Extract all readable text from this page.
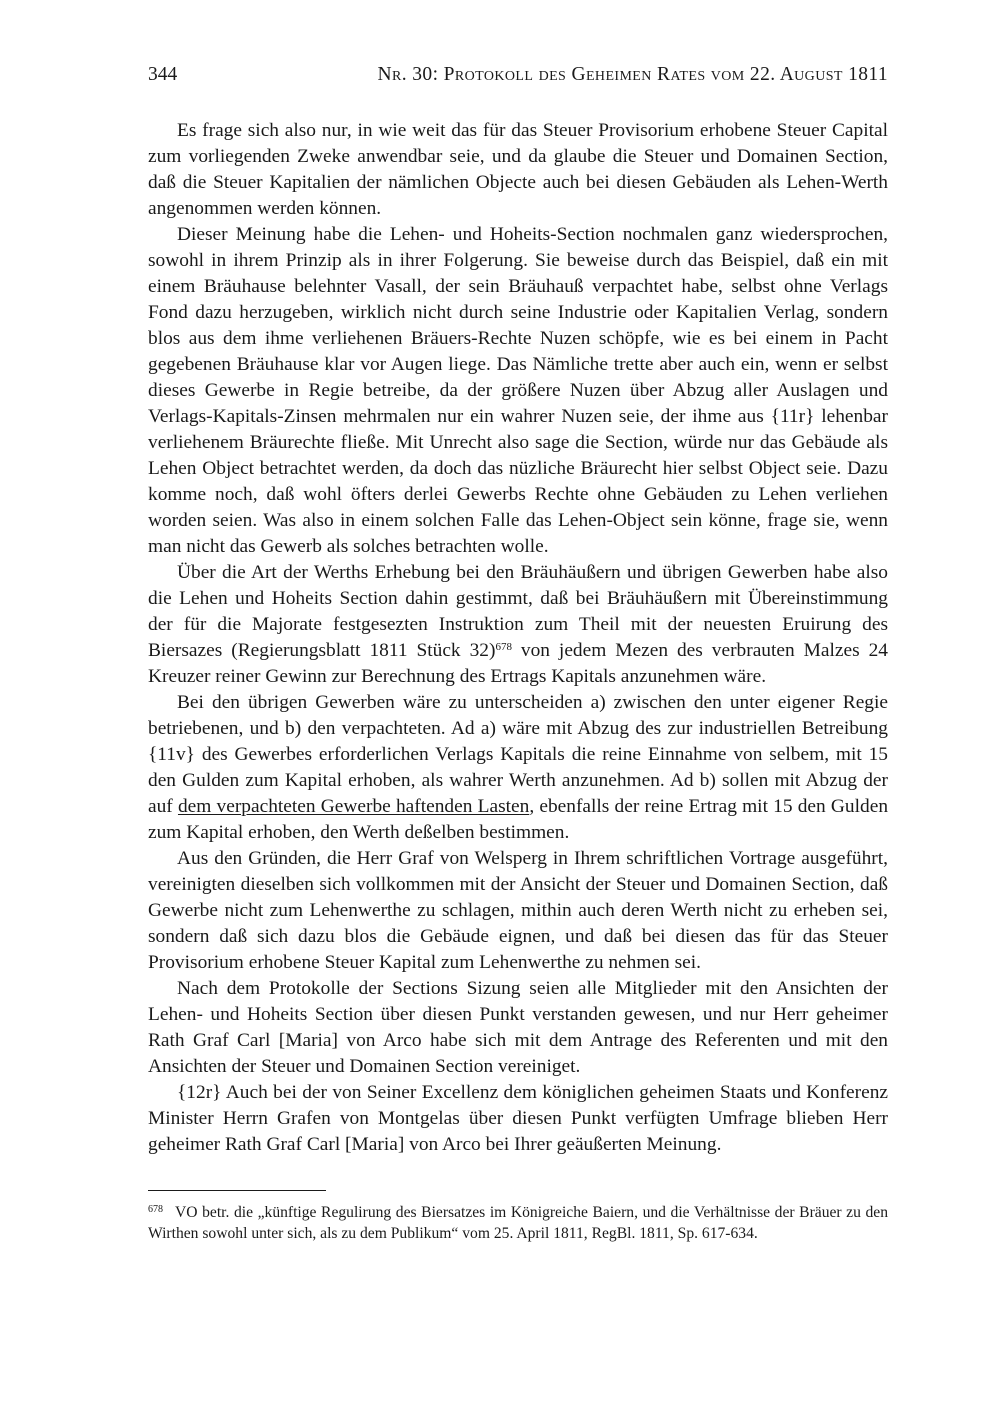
344	Nr. 30: Protokoll des Geheimen Rates vom 22. August 1811

Es frage sich also nur, in wie weit das für das Steuer Provisorium erhobene Steuer Capital zum vorliegenden Zweke anwendbar seie, und da glaube die Steuer und Domainen Section, daß die Steuer Kapitalien der nämlichen Objecte auch bei diesen Gebäuden als Lehen-Werth angenommen werden können.

Dieser Meinung habe die Lehen- und Hoheits-Section nochmalen ganz wiedersprochen, sowohl in ihrem Prinzip als in ihrer Folgerung. Sie beweise durch das Beispiel, daß ein mit einem Bräuhause belehnter Vasall, der sein Bräuhauß verpachtet habe, selbst ohne Verlags Fond dazu herzugeben, wirklich nicht durch seine Industrie oder Kapitalien Verlag, sondern blos aus dem ihme verliehenen Bräuers-Rechte Nuzen schöpfe, wie es bei einem in Pacht gegebenen Bräuhause klar vor Augen liege. Das Nämliche trette aber auch ein, wenn er selbst dieses Gewerbe in Regie betreibe, da der größere Nuzen über Abzug aller Auslagen und Verlags-Kapitals-Zinsen mehrmalen nur ein wahrer Nuzen seie, der ihme aus {11r} lehenbar verliehenem Bräurechte fließe. Mit Unrecht also sage die Section, würde nur das Gebäude als Lehen Object betrachtet werden, da doch das nüzliche Bräurecht hier selbst Object seie. Dazu komme noch, daß wohl öfters derlei Gewerbs Rechte ohne Gebäuden zu Lehen verliehen worden seien. Was also in einem solchen Falle das Lehen-Object sein könne, frage sie, wenn man nicht das Gewerb als solches betrachten wolle.

Über die Art der Werths Erhebung bei den Bräuhäußern und übrigen Gewerben habe also die Lehen und Hoheits Section dahin gestimmt, daß bei Bräuhäußern mit Übereinstimmung der für die Majorate festgesezten Instruktion zum Theil mit der neuesten Eruirung des Biersazes (Regierungsblatt 1811 Stück 32)$^{678}$ von jedem Mezen des verbrauten Malzes 24 Kreuzer reiner Gewinn zur Berechnung des Ertrags Kapitals anzunehmen wäre.

Bei den übrigen Gewerben wäre zu unterscheiden a) zwischen den unter eigener Regie betriebenen, und b) den verpachteten. Ad a) wäre mit Abzug des zur industriellen Betreibung {11v} des Gewerbes erforderlichen Verlags Kapitals die reine Einnahme von selbem, mit 15 den Gulden zum Kapital erhoben, als wahrer Werth anzunehmen. Ad b) sollen mit Abzug der auf dem verpachteten Gewerbe haftenden Lasten, ebenfalls der reine Ertrag mit 15 den Gulden zum Kapital erhoben, den Werth deßelben bestimmen.

Aus den Gründen, die Herr Graf von Welsperg in Ihrem schriftlichen Vortrage ausgeführt, vereinigten dieselben sich vollkommen mit der Ansicht der Steuer und Domainen Section, daß Gewerbe nicht zum Lehenwerthe zu schlagen, mithin auch deren Werth nicht zu erheben sei, sondern daß sich dazu blos die Gebäude eignen, und daß bei diesen das für das Steuer Provisorium erhobene Steuer Kapital zum Lehenwerthe zu nehmen sei.

Nach dem Protokolle der Sections Sizung seien alle Mitglieder mit den Ansichten der Lehen- und Hoheits Section über diesen Punkt verstanden gewesen, und nur Herr geheimer Rath Graf Carl [Maria] von Arco habe sich mit dem Antrage des Referenten und mit den Ansichten der Steuer und Domainen Section vereiniget.

{12r} Auch bei der von Seiner Excellenz dem königlichen geheimen Staats und Konferenz Minister Herrn Grafen von Montgelas über diesen Punkt verfügten Umfrage blieben Herr geheimer Rath Graf Carl [Maria] von Arco bei Ihrer geäußerten Meinung.

$^{678}$ VO betr. die „künftige Regulirung des Biersatzes im Königreiche Baiern, und die Verhältnisse der Bräuer zu den Wirthen sowohl unter sich, als zu dem Publikum“ vom 25. April 1811, RegBl. 1811, Sp. 617-634.
